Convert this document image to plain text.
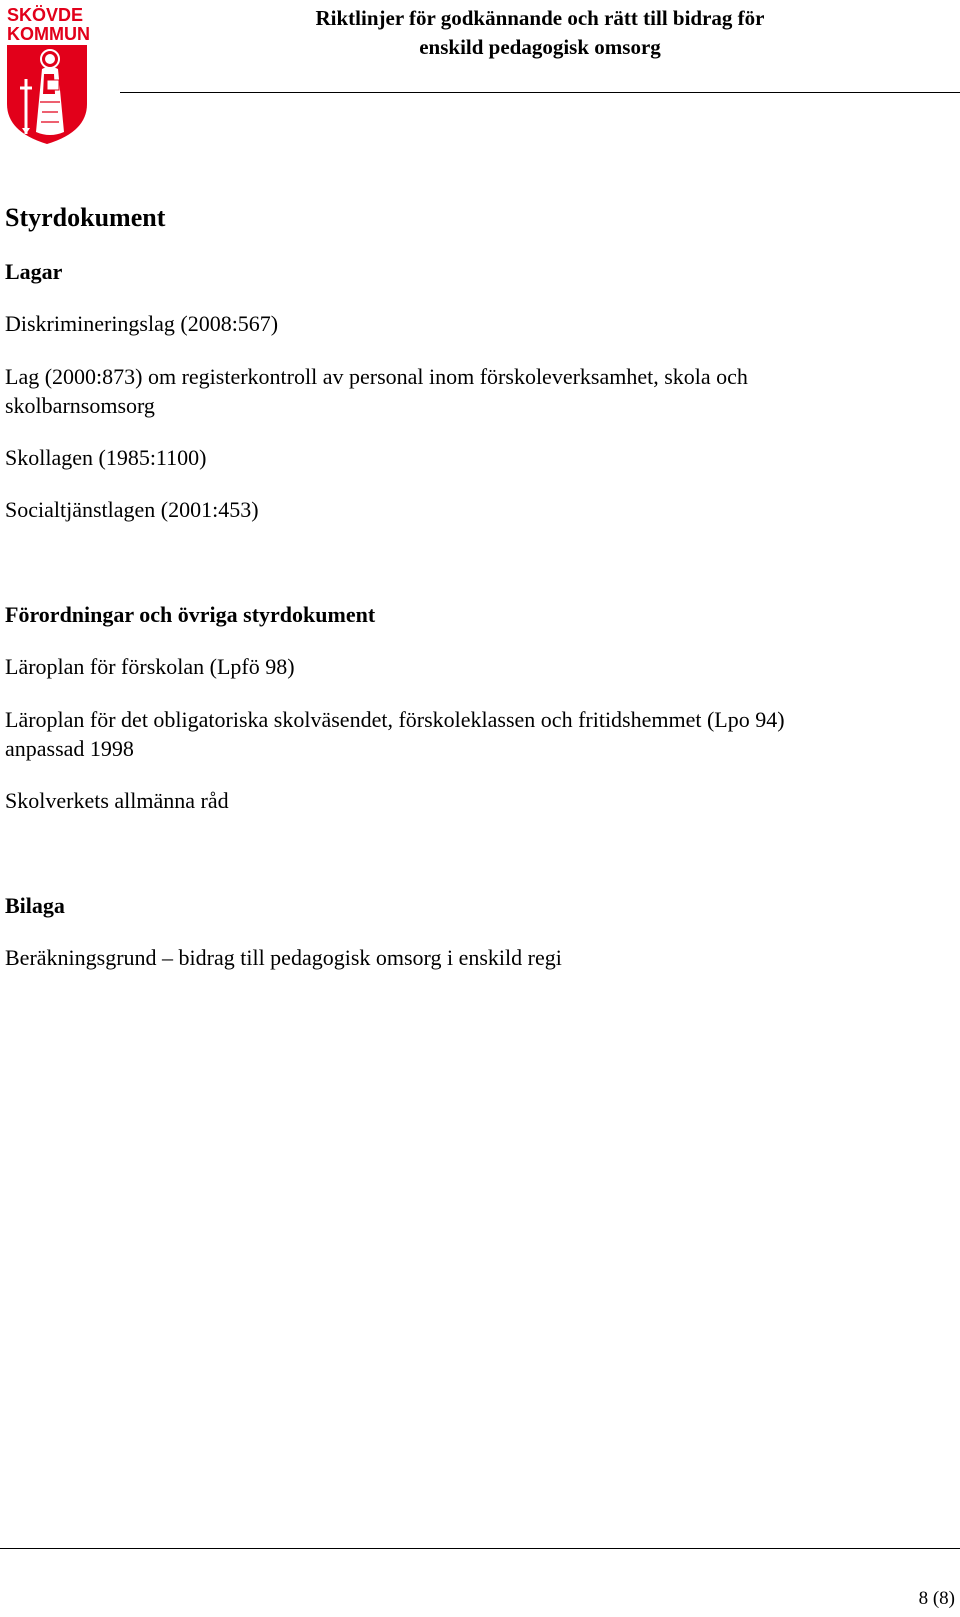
SKÖVDE
KOMMUN
Riktlinjer för godkännande och rätt till bidrag för
enskild pedagogisk omsorg

Styrdokument

Lagar

Diskrimineringslag (2008:567)

Lag (2000:873) om registerkontroll av personal inom förskoleverksamhet, skola och

skolbarnsomsorg

Skollagen (1985:1100)

Socialtjänstlagen (2001:453)

Förordningar och övriga styrdokument

Läroplan för förskolan (Lpfö 98)

Läroplan för det obligatoriska skolväsendet, förskoleklassen och fritidshemmet (Lpo 94)

anpassad 1998

Skolverkets allmänna råd

Bilaga

Beräkningsgrund – bidrag till pedagogisk omsorg i enskild regi

8 (8)
